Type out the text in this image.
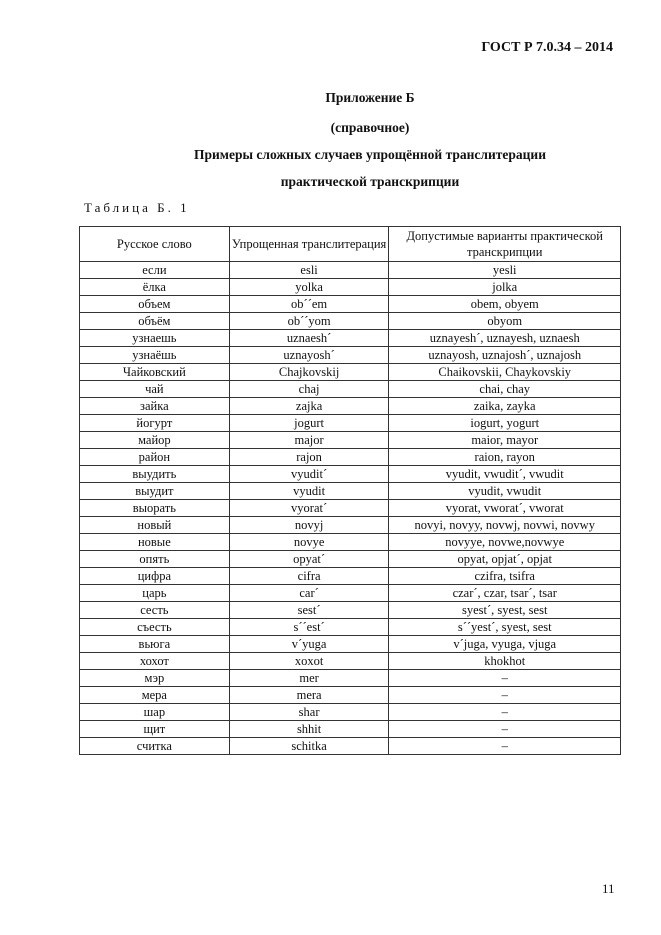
ГОСТ Р 7.0.34 – 2014
Приложение Б
(справочное)
Примеры сложных случаев упрощённой транслитерации
практической транскрипции
Таблица Б. 1
Русское слово	Упрощенная транслитерация	Допустимые варианты практической транскрипции
если	esli	yesli
ёлка	yolka	jolka
объем	ob´´em	obem, obyem
объём	ob´´yom	obyom
узнаешь	uznaesh´	uznayesh´, uznayesh, uznaesh
узнаёшь	uznayosh´	uznayosh, uznajosh´, uznajosh
Чайковский	Chajkovskij	Chaikovskii, Chaykovskiy
чай	chaj	chai, chay
зайка	zajka	zaika, zayka
йогурт	jogurt	iogurt, yogurt
майор	major	maior, mayor
район	rajon	raion, rayon
выудить	vyudit´	vyudit, vwudit´, vwudit
выудит	vyudit	vyudit, vwudit
выорать	vyorat´	vyorat, vworat´, vworat
новый	novyj	novyi, novyy, novwj, novwi, novwy
новые	novye	novyye, novwe,novwye
опять	opyat´	opyat, opjat´, opjat
цифра	cifra	czifra, tsifra
царь	car´	czar´, czar, tsar´, tsar
сесть	sest´	syest´, syest, sest
съесть	s´´est´	s´´yest´, syest, sest
вьюга	v´yuga	v´juga, vyuga, vjuga
хохот	xoxot	khokhot
мэр	mer	–
мера	mera	–
шар	shar	–
щит	shhit	–
считка	schitka	–
11
